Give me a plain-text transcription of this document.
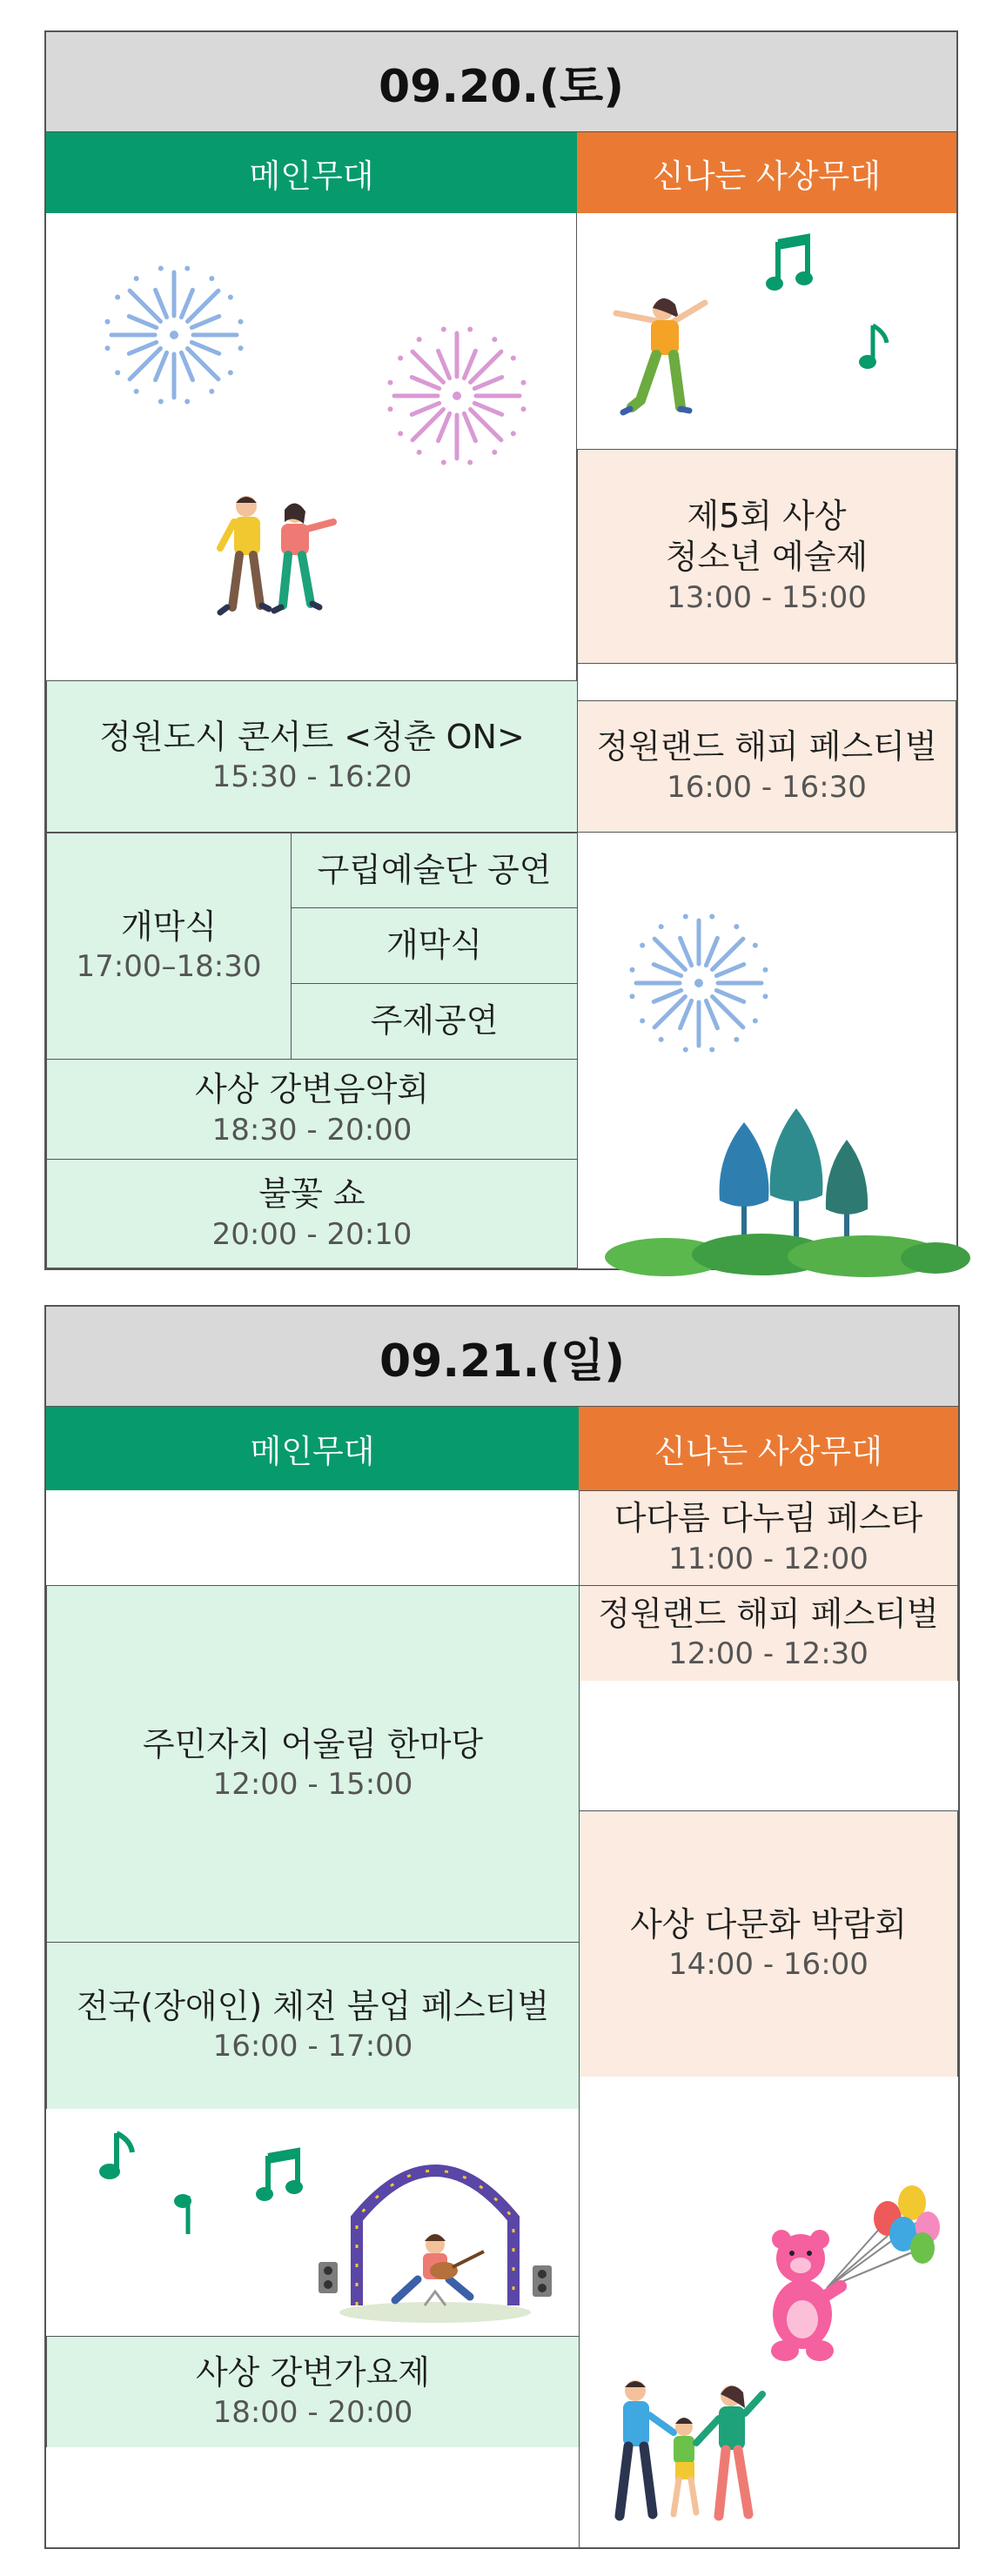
09.20.(토)
메인무대	신나는 사상무대
제5회 사상
청소년 예술제
13:00 - 15:00
정원랜드 해피 페스티벌
16:00 - 16:30
정원도시 콘서트 <청춘 ON>
15:30 - 16:20
개막식
17:00–18:30
구립예술단 공연
개막식
주제공연
사상 강변음악회
18:30 - 20:00
불꽃 쇼
20:00 - 20:10
09.21.(일)
메인무대	신나는 사상무대
주민자치 어울림 한마당
12:00 - 15:00
전국(장애인) 체전 붐업 페스티벌
16:00 - 17:00
사상 강변가요제
18:00 - 20:00
다다름 다누림 페스타
11:00 - 12:00
정원랜드 해피 페스티벌
12:00 - 12:30
사상 다문화 박람회
14:00 - 16:00
